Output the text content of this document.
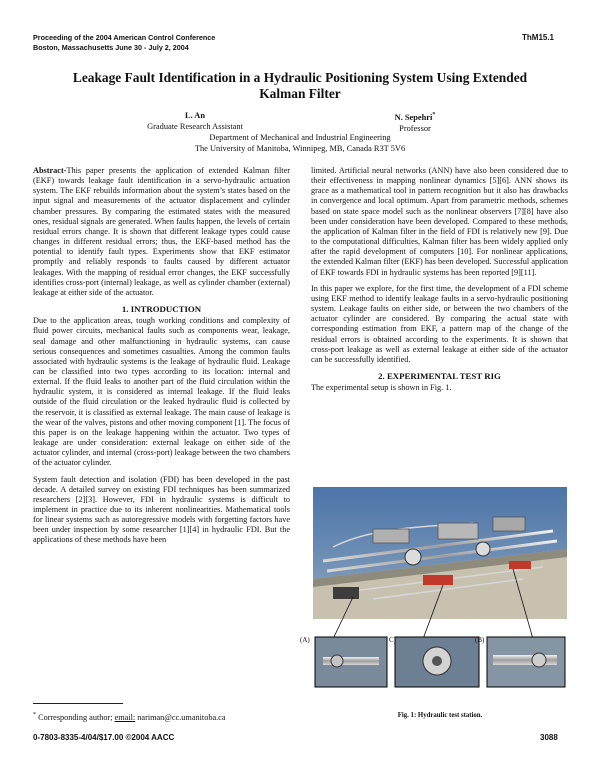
Proceeding of the 2004 American Control Conference
Boston, Massachusetts June 30 - July 2, 2004
ThM15.1
Leakage Fault Identification in a Hydraulic Positioning System Using Extended
Kalman Filter
L. An
Graduate Research Assistant
N. Sepehri*
Professor
Department of Mechanical and Industrial Engineering
The University of Manitoba, Winnipeg, MB, Canada R3T 5V6

Abstract-This paper presents the application of extended Kalman filter (EKF) towards leakage fault identification in a servo-hydraulic actuation system. The EKF rebuilds information about the system’s states based on the input signal and measurements of the actuator displacement and cylinder chamber pressures. By comparing the estimated states with the measured ones, residual signals are generated. When faults happen, the levels of certain residual errors change. It is shown that different leakage types could cause changes in different residual errors; thus, the EKF-based method has the potential to identify fault types. Experiments show that EKF estimator promptly and reliably responds to faults caused by different actuator leakages. With the mapping of residual error changes, the EKF successfully identifies cross-port (internal) leakage, as well as cylinder chamber (external) leakage at either side of the actuator.

1. INTRODUCTION

Due to the application areas, tough working conditions and complexity of fluid power circuits, mechanical faults such as components wear, leakage, seal damage and other malfunctioning in hydraulic systems, can cause serious consequences and sometimes casualties. Among the common faults associated with hydraulic systems is the leakage of hydraulic fluid. Leakage can be classified into two types according to its location: internal and external. If the fluid leaks to another part of the fluid circulation within the hydraulic system, it is considered as internal leakage. If the fluid leaks outside of the fluid circulation or the leaked hydraulic fluid is collected by the reservoir, it is classified as external leakage. The main cause of leakage is the wear of the valves, pistons and other moving component [1]. The focus of this paper is on the leakage happening within the actuator. Two types of leakage are under consideration: external leakage on either side of the actuator cylinder, and internal (cross-port) leakage between the two chambers of the actuator cylinder.

System fault detection and isolation (FDI) has been developed in the past decade. A detailed survey on existing FDI techniques has been summarized researchers [2][3]. However, FDI in hydraulic systems is difficult to implement in practice due to its inherent nonlinearities. Mathematical tools for linear systems such as autoregressive models with forgetting factors have been under inspection by some researcher [1][4] in hydraulic FDI. But the applications of these methods have been

* Corresponding author; email: nariman@cc.umanitoba.ca

limited. Artificial neural networks (ANN) have also been considered due to their effectiveness in mapping nonlinear dynamics [5][6]. ANN shows its grace as a mathematical tool in pattern recognition but it also has drawbacks in convergence and local optimum. Apart from parametric methods, schemes based on state space model such as the nonlinear observers [7][8] have also been under consideration have been developed. Compared to these methods, the application of Kalman filter in the field of FDI is relatively new [9]. Due to the computational difficulties, Kalman filter has been widely applied only after the rapid development of computers [10]. For nonlinear applications, the extended Kalman filter (EKF) has been developed. Successful application of EKF towards FDI in hydraulic systems has been reported [9][11].

In this paper we explore, for the first time, the development of a FDI scheme using EKF method to identify leakage faults in a servo-hydraulic positioning system. Leakage faults on either side, or between the two chambers of the actuator cylinder are considered. By comparing the actual state with corresponding estimation from EKF, a pattern map of the change of the residual errors is obtained according to the experiments. It is shown that cross-port leakage as well as external leakage at either side of the actuator can be successfully identified.

2. EXPERIMENTAL TEST RIG
The experimental setup is shown in Fig. 1.
(A)	C)	(B)
Fig. 1: Hydraulic test station.
0-7803-8335-4/04/$17.00 ©2004 AACC	3088
